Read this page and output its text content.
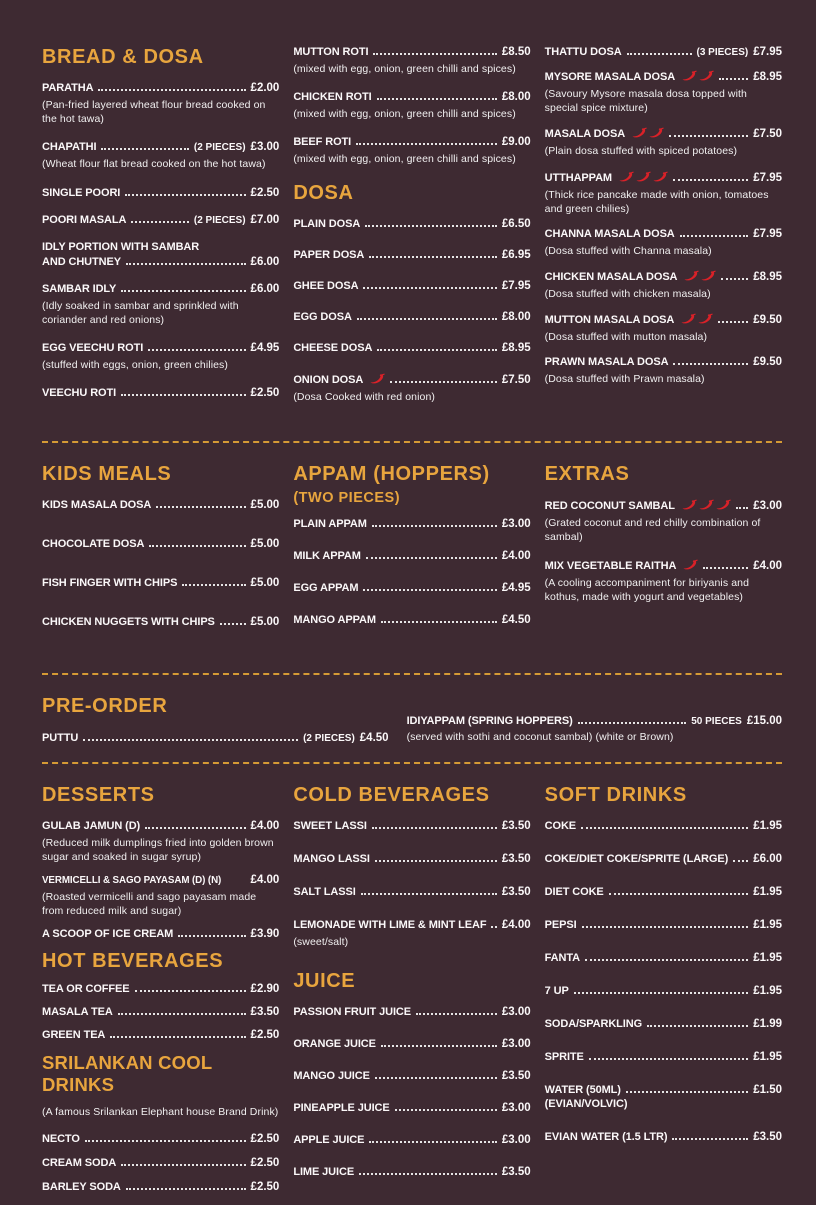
BREAD & DOSA
PARATHA	£2.00
(Pan-fried layered wheat flour bread cooked on the hot tawa)
CHAPATHI	(2 PIECES) £3.00
(Wheat flour flat bread cooked on the hot tawa)
SINGLE POORI	£2.50
POORI MASALA	(2 PIECES) £7.00
IDLY PORTION WITH SAMBAR
AND CHUTNEY	£6.00
SAMBAR IDLY	£6.00
(Idly soaked in sambar and sprinkled with coriander and red onions)
EGG VEECHU ROTI	£4.95
(stuffed with eggs, onion, green chilies)
VEECHU ROTI	£2.50
MUTTON ROTI	£8.50
(mixed with egg, onion, green chilli and spices)
CHICKEN ROTI	£8.00
(mixed with egg, onion, green chilli and spices)
BEEF ROTI	£9.00
(mixed with egg, onion, green chilli and spices)
DOSA
PLAIN DOSA	£6.50
PAPER DOSA	£6.95
GHEE DOSA	£7.95
EGG DOSA	£8.00
CHEESE DOSA	£8.95
ONION DOSA	£7.50
(Dosa Cooked with red onion)
THATTU DOSA	(3 PIECES) £7.95
MYSORE MASALA DOSA	£8.95
(Savoury Mysore masala dosa topped with special spice mixture)
MASALA DOSA	£7.50
(Plain dosa stuffed with spiced potatoes)
UTTHAPPAM	£7.95
(Thick rice pancake made with onion, tomatoes and green chilies)
CHANNA MASALA DOSA	£7.95
(Dosa stuffed with Channa masala)
CHICKEN MASALA DOSA	£8.95
(Dosa stuffed with chicken masala)
MUTTON MASALA DOSA	£9.50
(Dosa stuffed with mutton masala)
PRAWN MASALA DOSA	£9.50
(Dosa stuffed with Prawn masala)
KIDS MEALS
KIDS MASALA DOSA	£5.00
CHOCOLATE DOSA	£5.00
FISH FINGER WITH CHIPS	£5.00
CHICKEN NUGGETS WITH CHIPS	£5.00
APPAM (HOPPERS)
(TWO PIECES)
PLAIN APPAM	£3.00
MILK APPAM	£4.00
EGG APPAM	£4.95
MANGO APPAM	£4.50
EXTRAS
RED COCONUT SAMBAL	£3.00
(Grated coconut and red chilly combination of sambal)
MIX VEGETABLE RAITHA	£4.00
(A cooling accompaniment for biriyanis and kothus, made with yogurt and vegetables)
PRE-ORDER
PUTTU	(2 PIECES) £4.50
IDIYAPPAM (SPRING HOPPERS)	50 PIECES £15.00
(served with sothi and coconut sambal) (white or Brown)
DESSERTS
GULAB JAMUN (D)	£4.00
(Reduced milk dumplings fried into golden brown sugar and soaked in sugar syrup)
VERMICELLI & SAGO PAYASAM (D) (N)	£4.00
(Roasted vermicelli and sago payasam made from reduced milk and sugar)
A SCOOP OF ICE CREAM	£3.90
HOT BEVERAGES
TEA OR COFFEE	£2.90
MASALA TEA	£3.50
GREEN TEA	£2.50
SRILANKAN COOL DRINKS
(A famous Srilankan Elephant house Brand Drink)
NECTO	£2.50
CREAM SODA	£2.50
BARLEY SODA	£2.50
COLD BEVERAGES
SWEET LASSI	£3.50
MANGO LASSI	£3.50
SALT LASSI	£3.50
LEMONADE WITH LIME & MINT LEAF £4.00
(sweet/salt)
JUICE
PASSION FRUIT JUICE	£3.00
ORANGE JUICE	£3.00
MANGO JUICE	£3.50
PINEAPPLE JUICE	£3.00
APPLE JUICE	£3.00
LIME JUICE	£3.50
SOFT DRINKS
COKE	£1.95
COKE/DIET COKE/SPRITE (LARGE) £6.00
DIET COKE	£1.95
PEPSI	£1.95
FANTA	£1.95
7 UP	£1.95
SODA/SPARKLING	£1.99
SPRITE	£1.95
WATER (50ML)	£1.50
(EVIAN/VOLVIC)
EVIAN WATER (1.5 LTR)	£3.50
